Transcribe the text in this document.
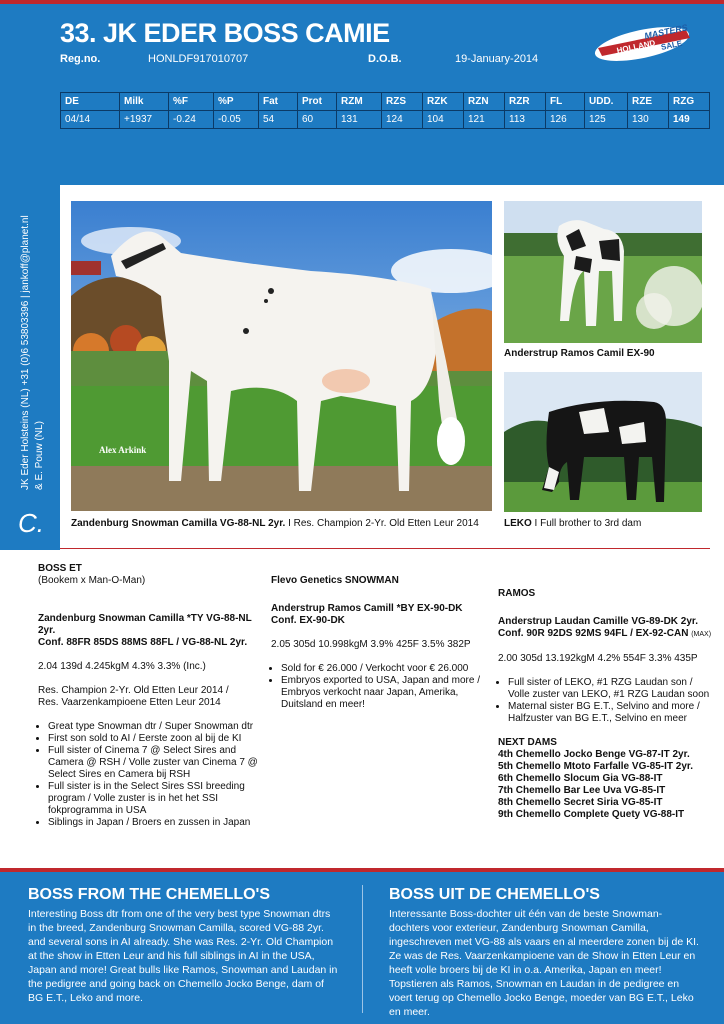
33. JK EDER BOSS CAMIE
Reg.no.	HONLDF917010707	D.O.B.	19-January-2014
HOLLAND
MASTERS
SALE
DE	Milk	%F	%P	Fat	Prot	RZM	RZS	RZK	RZN	RZR	FL	UDD.	RZE	RZG
04/14	+1937	-0.24	-0.05	54	60	131	124	104	121	113	126	125	130	149
JK Eder Holsteins (NL) +31 (0)6 53803396 | jankoff@planet.nl & E. Pouw (NL)
C.
Alex Arkink
Zandenburg Snowman Camilla VG-88-NL 2yr. I Res. Champion 2-Yr. Old Etten Leur 2014
Anderstrup Ramos Camil EX-90
LEKO I Full brother to 3rd dam
BOSS ET
(Bookem x Man-O-Man)
Zandenburg Snowman Camilla *TY VG-88-NL 2yr.
Conf. 88FR 85DS 88MS 88FL / VG-88-NL 2yr.
2.04 139d 4.245kgM 4.3% 3.3% (Inc.)
Res. Champion 2-Yr. Old Etten Leur 2014 /
Res. Vaarzenkampioene Etten Leur 2014
• Great type Snowman dtr / Super Snowman dtr
• First son sold to AI / Eerste zoon al bij de KI
• Full sister of Cinema 7 @ Select Sires and Camera @ RSH / Volle zuster van Cinema 7 @ Select Sires en Camera bij RSH
• Full sister is in the Select Sires SSI breeding program / Volle zuster is in het het SSI fokprogramma in USA
• Siblings in Japan / Broers en zussen in Japan
Flevo Genetics SNOWMAN
Anderstrup Ramos Camill *BY EX-90-DK
Conf. EX-90-DK
2.05 305d 10.998kgM 3.9% 425F 3.5% 382P
• Sold for € 26.000 / Verkocht voor € 26.000
• Embryos exported to USA, Japan and more / Embryos verkocht naar Japan, Amerika, Duitsland en meer!
RAMOS
Anderstrup Laudan Camille VG-89-DK 2yr.
Conf. 90R 92DS 92MS 94FL / EX-92-CAN (MAX)
2.00 305d 13.192kgM 4.2% 554F 3.3% 435P
• Full sister of LEKO, #1 RZG Laudan son / Volle zuster van LEKO, #1 RZG Laudan soon
• Maternal sister BG E.T., Selvino and more / Halfzuster van BG E.T., Selvino en meer
NEXT DAMS
4th Chemello Jocko Benge VG-87-IT 2yr.
5th Chemello Mtoto Farfalle VG-85-IT 2yr.
6th Chemello Slocum Gia VG-88-IT
7th Chemello Bar Lee Uva VG-85-IT
8th Chemello Secret Siria VG-85-IT
9th Chemello Complete Quety VG-88-IT
BOSS FROM THE CHEMELLO'S
Interesting Boss dtr from one of the very best type Snowman dtrs in the breed, Zandenburg Snowman Camilla, scored VG-88 2yr. and several sons in AI already. She was Res. 2-Yr. Old Champion at the show in Etten Leur and his full siblings in AI in the USA, Japan and more! Great bulls like Ramos, Snowman and Laudan in the pedigree and going back on Chemello Jocko Benge, dam of BG E.T., Leko and more.
BOSS UIT DE CHEMELLO'S
Interessante Boss-dochter uit één van de beste Snowman-dochters voor exterieur, Zandenburg Snowman Camilla, ingeschreven met VG-88 als vaars en al meerdere zonen bij de KI. Ze was de Res. Vaarzenkampioene van de Show in Etten Leur en heeft volle broers bij de KI in o.a. Amerika, Japan en meer! Topstieren als Ramos, Snowman en Laudan in de pedigree en voert terug op Chemello Jocko Benge, moeder van BG E.T., Leko en meer.
